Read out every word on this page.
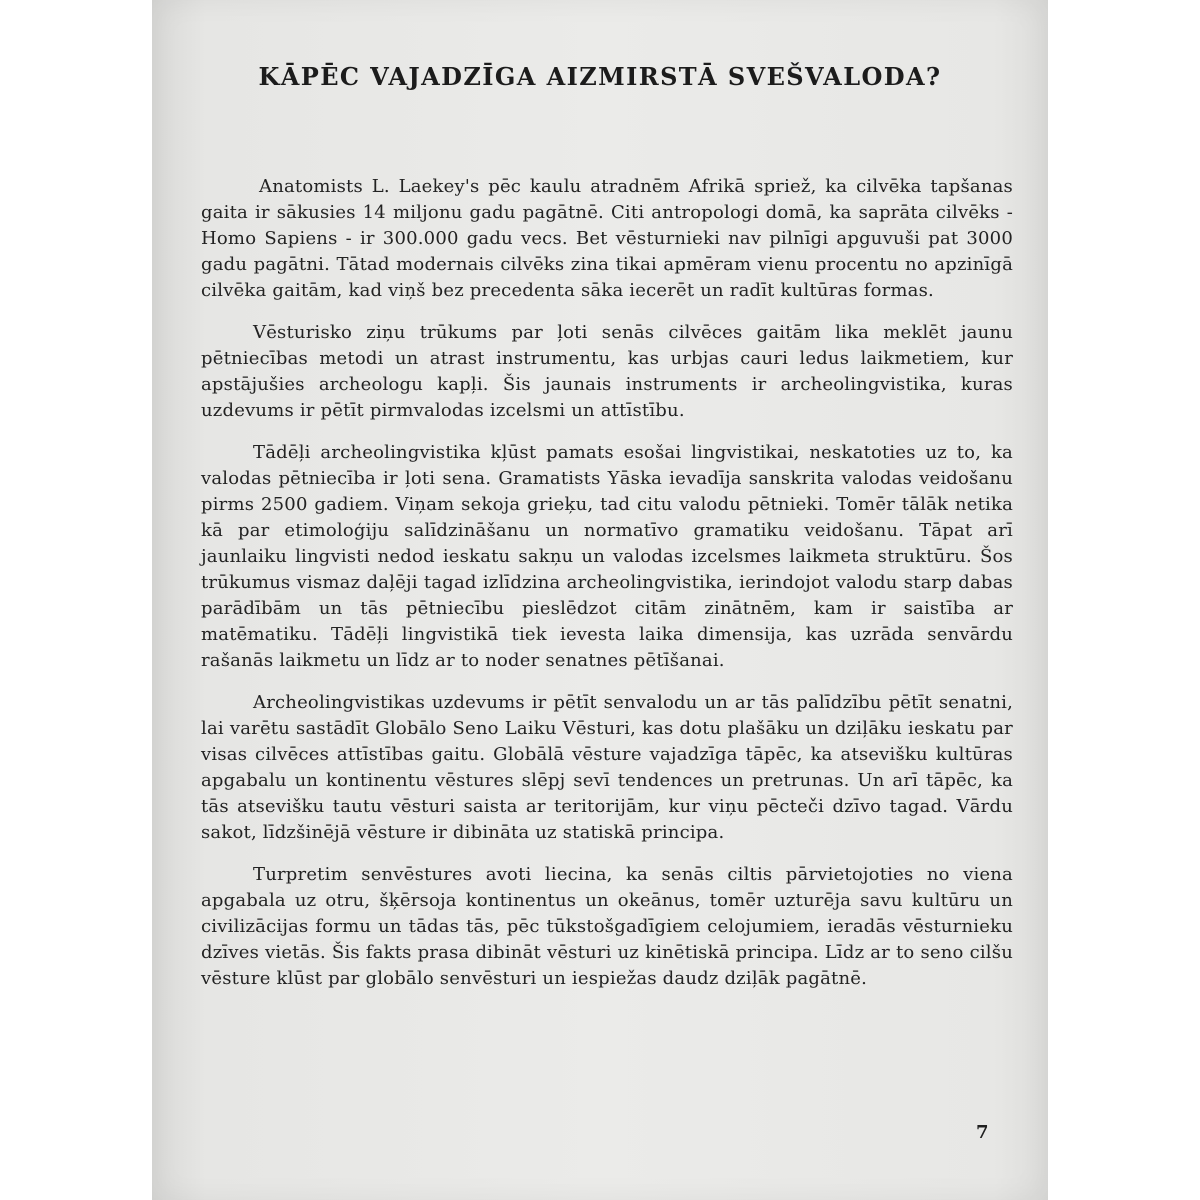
KĀPĒC VAJADZĪGA AIZMIRSTĀ SVEŠVALODA?

Anatomists L. Laekey's pēc kaulu atradnēm Afrikā spriež, ka cilvēka tapšanas gaita ir sākusies 14 miljonu gadu pagātnē. Citi antropologi domā, ka saprāta cilvēks - Homo Sapiens - ir 300.000 gadu vecs. Bet vēsturnieki nav pilnīgi apguvuši pat 3000 gadu pagātni. Tātad modernais cilvēks zina tikai apmēram vienu procentu no apzinīgā cilvēka gaitām, kad viņš bez precedenta sāka iecerēt un radīt kultūras formas.

Vēsturisko ziņu trūkums par ļoti senās cilvēces gaitām lika meklēt jaunu pētniecības metodi un atrast instrumentu, kas urbjas cauri ledus laikmetiem, kur apstājušies archeologu kapļi. Šis jaunais instruments ir archeolingvistika, kuras uzdevums ir pētīt pirmvalodas izcelsmi un attīstību.

Tādēļi archeolingvistika kļūst pamats esošai lingvistikai, neskatoties uz to, ka valodas pētniecība ir ļoti sena. Gramatists Yāska ievadīja sanskrita valodas veidošanu pirms 2500 gadiem. Viņam sekoja grieķu, tad citu valodu pētnieki. Tomēr tālāk netika kā par etimoloģiju salīdzināšanu un normatīvo gramatiku veidošanu. Tāpat arī jaunlaiku lingvisti nedod ieskatu sakņu un valodas izcelsmes laikmeta struktūru. Šos trūkumus vismaz daļēji tagad izlīdzina archeolingvistika, ierindojot valodu starp dabas parādībām un tās pētniecību pieslēdzot citām zinātnēm, kam ir saistība ar matēmatiku. Tādēļi lingvistikā tiek ievesta laika dimensija, kas uzrāda senvārdu rašanās laikmetu un līdz ar to noder senatnes pētīšanai.

Archeolingvistikas uzdevums ir pētīt senvalodu un ar tās palīdzību pētīt senatni, lai varētu sastādīt Globālo Seno Laiku Vēsturi, kas dotu plašāku un dziļāku ieskatu par visas cilvēces attīstības gaitu. Globālā vēsture vajadzīga tāpēc, ka atsevišku kultūras apgabalu un kontinentu vēstures slēpj sevī tendences un pretrunas. Un arī tāpēc, ka tās atsevišku tautu vēsturi saista ar teritorijām, kur viņu pēcteči dzīvo tagad. Vārdu sakot, līdzšinējā vēsture ir dibināta uz statiskā principa.

Turpretim senvēstures avoti liecina, ka senās ciltis pārvietojoties no viena apgabala uz otru, šķērsoja kontinentus un okeānus, tomēr uzturēja savu kultūru un civilizācijas formu un tādas tās, pēc tūkstošgadīgiem celojumiem, ieradās vēsturnieku dzīves vietās. Šis fakts prasa dibināt vēsturi uz kinētiskā principa. Līdz ar to seno cilšu vēsture klūst par globālo senvēsturi un iespiežas daudz dziļāk pagātnē.

7
